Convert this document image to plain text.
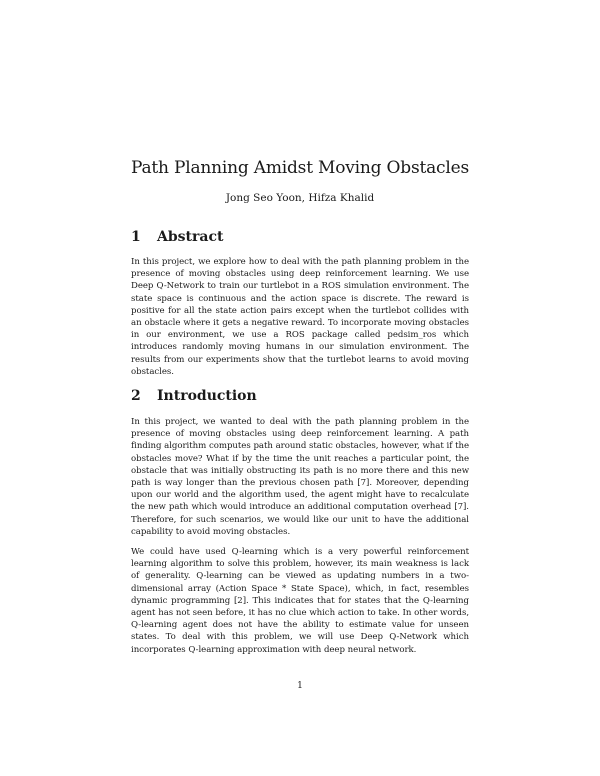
Path Planning Amidst Moving Obstacles
Jong Seo Yoon, Hifza Khalid
1 Abstract

In this project, we explore how to deal with the path planning problem in the presence of moving obstacles using deep reinforcement learning. We use Deep Q-Network to train our turtlebot in a ROS simulation environment. The state space is continuous and the action space is discrete. The reward is positive for all the state action pairs except when the turtlebot collides with an obstacle where it gets a negative reward. To incorporate moving obstacles in our environment, we use a ROS package called pedsim_ros which introduces randomly moving humans in our simulation environment. The results from our experiments show that the turtlebot learns to avoid moving obstacles.

2 Introduction

In this project, we wanted to deal with the path planning problem in the presence of moving obstacles using deep reinforcement learning. A path finding algorithm computes path around static obstacles, however, what if the obstacles move? What if by the time the unit reaches a particular point, the obstacle that was initially obstructing its path is no more there and this new path is way longer than the previous chosen path [7]. Moreover, depending upon our world and the algorithm used, the agent might have to recalculate the new path which would introduce an additional computation overhead [7]. Therefore, for such scenarios, we would like our unit to have the additional capability to avoid moving obstacles.

We could have used Q-learning which is a very powerful reinforcement learning algorithm to solve this problem, however, its main weakness is lack of generality. Q-learning can be viewed as updating numbers in a two-dimensional array (Action Space * State Space), which, in fact, resembles dynamic programming [2]. This indicates that for states that the Q-learning agent has not seen before, it has no clue which action to take. In other words, Q-learning agent does not have the ability to estimate value for unseen states. To deal with this problem, we will use Deep Q-Network which incorporates Q-learning approximation with deep neural network.

1
